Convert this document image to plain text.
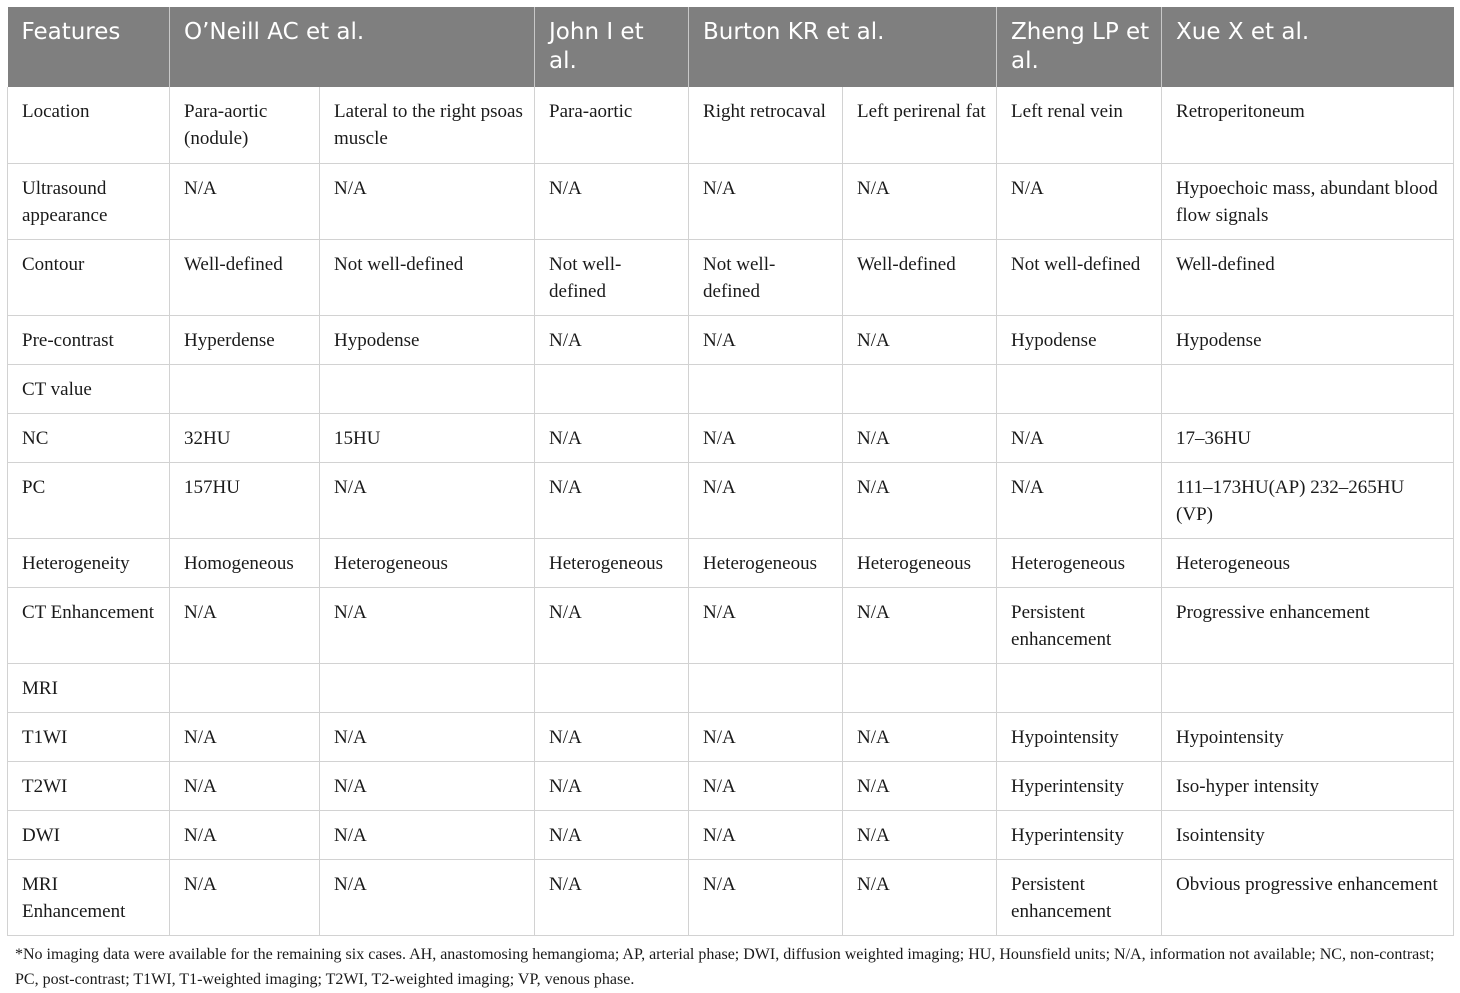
Features	O’Neill AC et al.		John I et al.	Burton KR et al.		Zheng LP et al.	Xue X et al.
Location	Para-aortic (nodule)	Lateral to the right psoas muscle	Para-aortic	Right retrocaval	Left perirenal fat	Left renal vein	Retroperitoneum
Ultrasound appearance	N/A	N/A	N/A	N/A	N/A	N/A	Hypoechoic mass, abundant blood flow signals
Contour	Well-defined	Not well-defined	Not well-defined	Not well-defined	Well-defined	Not well-defined	Well-defined
Pre-contrast	Hyperdense	Hypodense	N/A	N/A	N/A	Hypodense	Hypodense
CT value							
NC	32HU	15HU	N/A	N/A	N/A	N/A	17–36HU
PC	157HU	N/A	N/A	N/A	N/A	N/A	111–173HU(AP) 232–265HU (VP)
Heterogeneity	Homogeneous	Heterogeneous	Heterogeneous	Heterogeneous	Heterogeneous	Heterogeneous	Heterogeneous
CT Enhancement	N/A	N/A	N/A	N/A	N/A	Persistent enhancement	Progressive enhancement
MRI							
T1WI	N/A	N/A	N/A	N/A	N/A	Hypointensity	Hypointensity
T2WI	N/A	N/A	N/A	N/A	N/A	Hyperintensity	Iso-hyper intensity
DWI	N/A	N/A	N/A	N/A	N/A	Hyperintensity	Isointensity
MRI Enhancement	N/A	N/A	N/A	N/A	N/A	Persistent enhancement	Obvious progressive enhancement
*No imaging data were available for the remaining six cases. AH, anastomosing hemangioma; AP, arterial phase; DWI, diffusion weighted imaging; HU, Hounsfield units; N/A, information not available; NC, non-contrast; PC, post-contrast; T1WI, T1-weighted imaging; T2WI, T2-weighted imaging; VP, venous phase.
